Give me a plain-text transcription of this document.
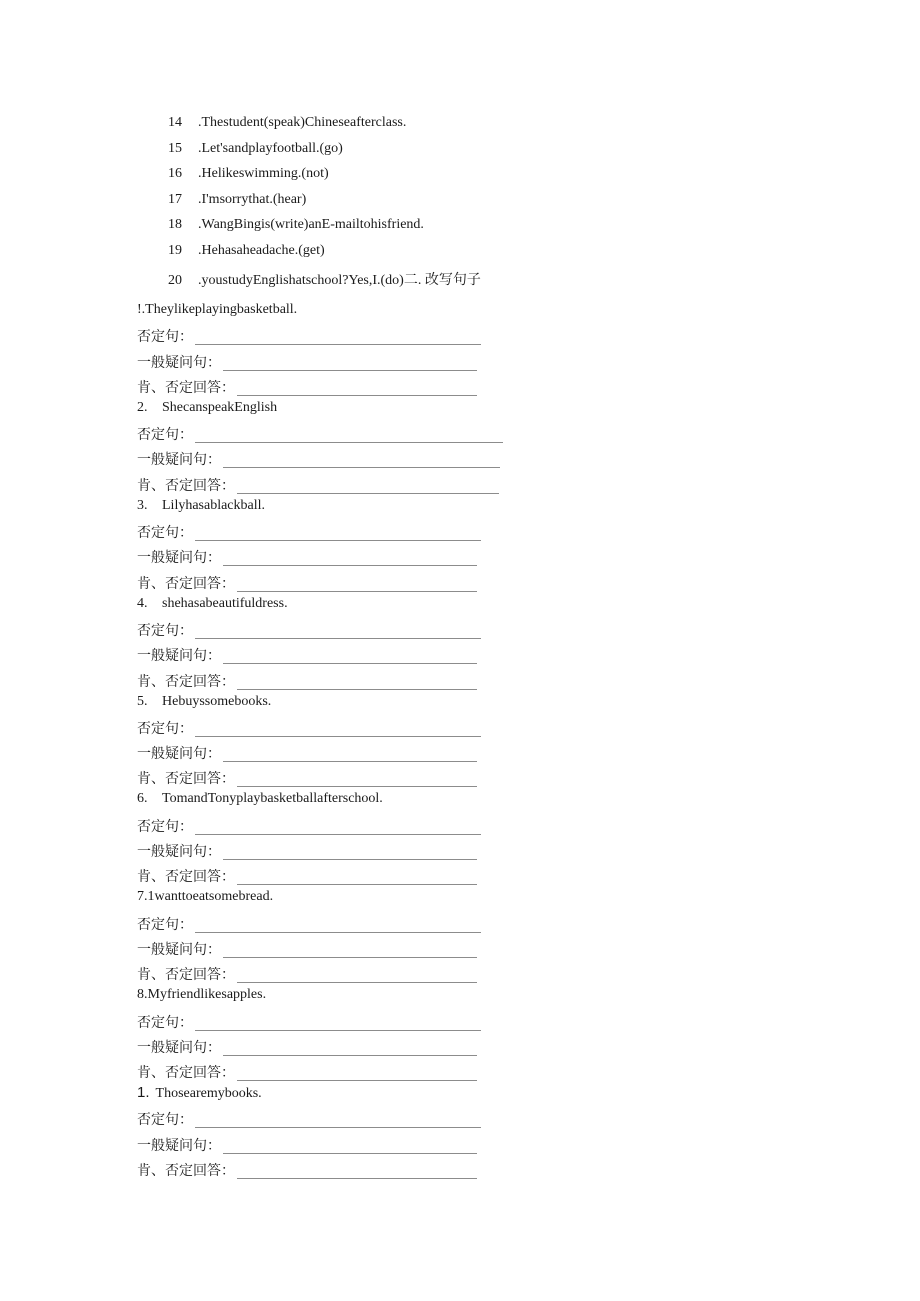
14	.Thestudent(speak)Chineseafterclass.
15	.Let'sandplayfootball.(go)
16	.Helikeswimming.(not)
17	.I'msorrythat.(hear)
18	.WangBingis(write)anE-mailtohisfriend.
19	.Hehasaheadache.(get)
20	.youstudyEnglishatschool?Yes,I.(do)二. 改写句子
!.Theylikeplayingbasketball.
否定句：
一般疑问句：
肯、否定回答：
2. ShecanspeakEnglish
否定句：
一般疑问句：
肯、否定回答：
3. Lilyhasablackball.
否定句：
一般疑问句：
肯、否定回答：
4. shehasabeautifuldress.
否定句：
一般疑问句：
肯、否定回答：
5. Hebuyssomebooks.
否定句：
一般疑问句：
肯、否定回答：
6. TomandTonyplaybasketballafterschool.
否定句：
一般疑问句：
肯、否定回答：
7.1wanttoeatsomebread.
否定句：
一般疑问句：
肯、否定回答：
8.Myfriendlikesapples.
否定句：
一般疑问句：
肯、否定回答：
1. Thosearemybooks.
否定句：
一般疑问句：
肯、否定回答：
